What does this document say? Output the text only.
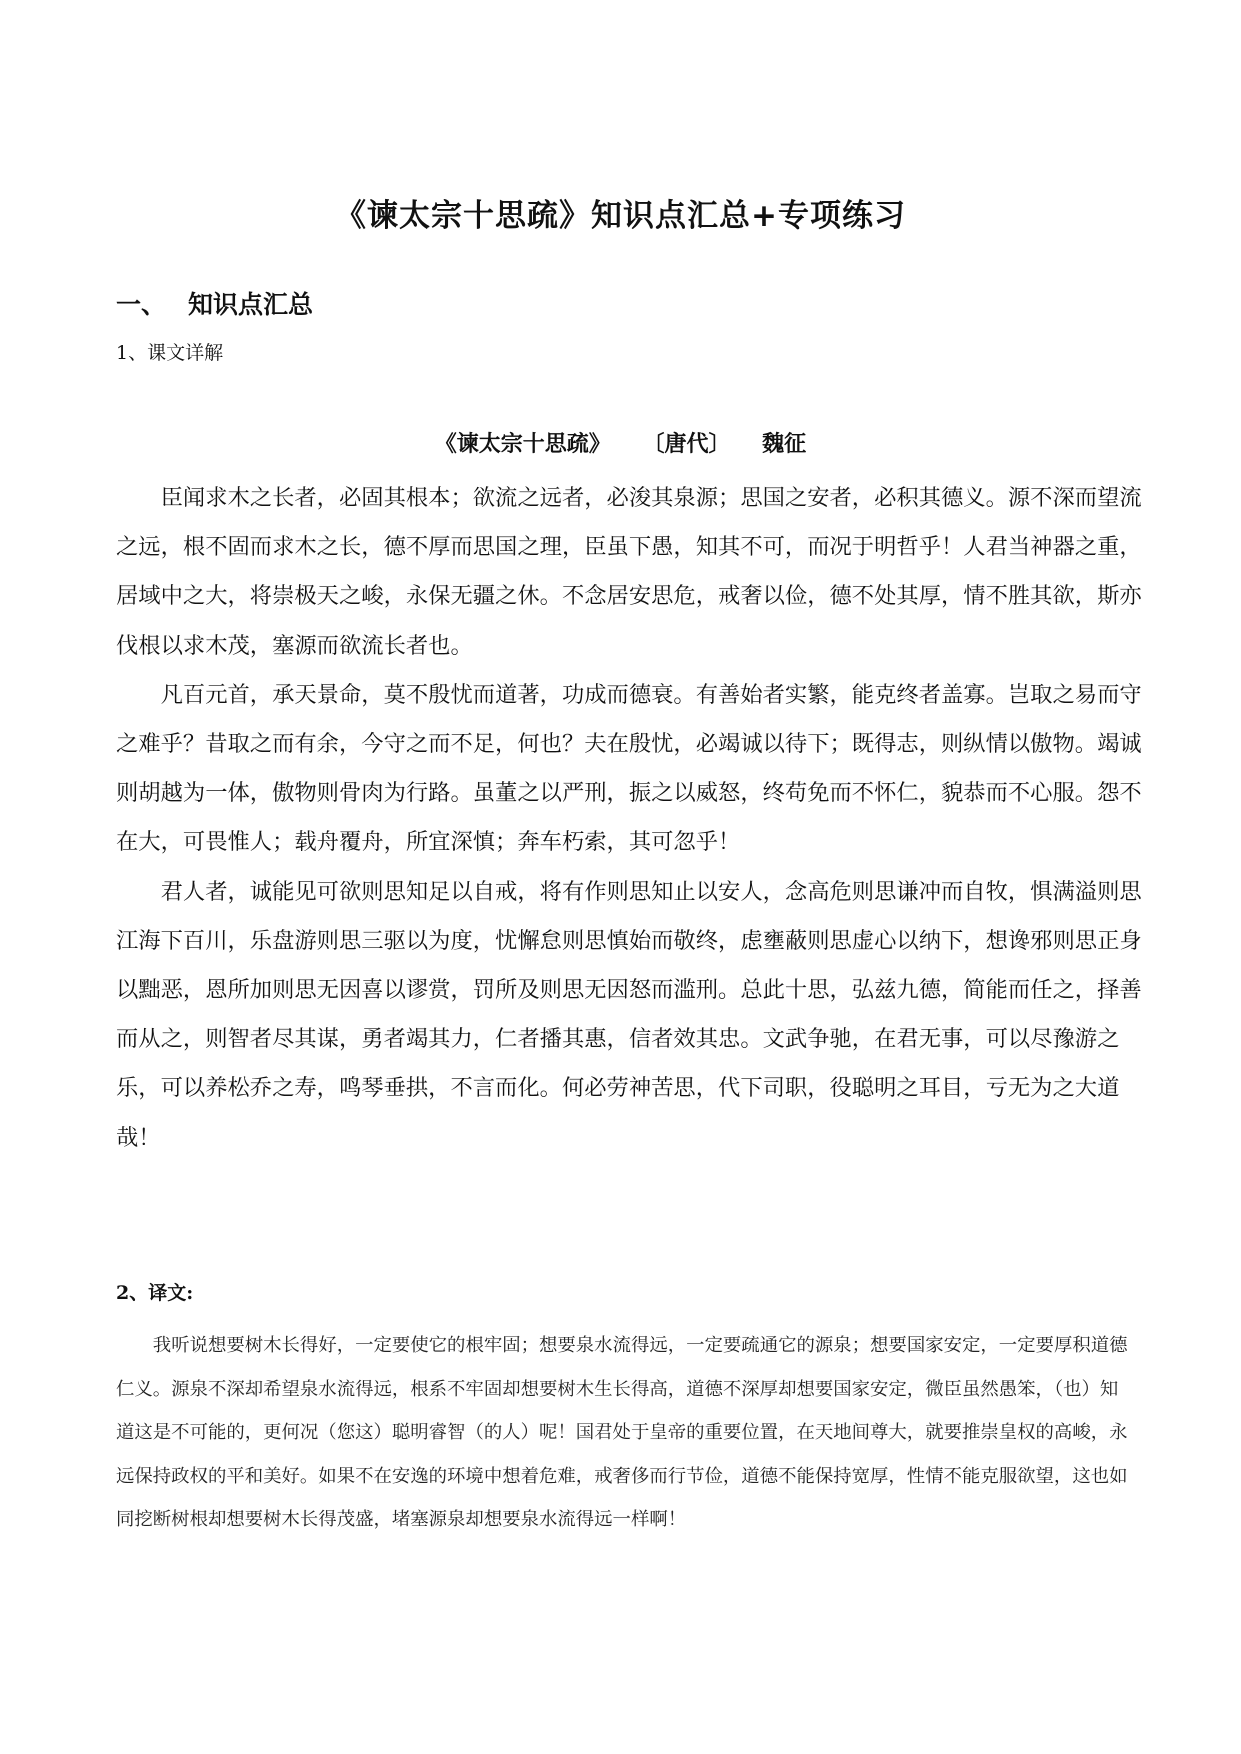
《谏太宗十思疏》知识点汇总+专项练习
一、 知识点汇总
1、课文详解
《谏太宗十思疏》 〔唐代〕 魏征

臣闻求木之长者，必固其根本；欲流之远者，必浚其泉源；思国之安者，必积其德义。源不深而望流之远，根不固而求木之长，德不厚而思国之理，臣虽下愚，知其不可，而况于明哲乎！人君当神器之重，居域中之大，将崇极天之峻，永保无疆之休。不念居安思危，戒奢以俭，德不处其厚，情不胜其欲，斯亦伐根以求木茂，塞源而欲流长者也。

凡百元首，承天景命，莫不殷忧而道著，功成而德衰。有善始者实繁，能克终者盖寡。岂取之易而守之难乎？昔取之而有余，今守之而不足，何也？夫在殷忧，必竭诚以待下；既得志，则纵情以傲物。竭诚则胡越为一体，傲物则骨肉为行路。虽董之以严刑，振之以威怒，终苟免而不怀仁，貌恭而不心服。怨不在大，可畏惟人；载舟覆舟，所宜深慎；奔车朽索，其可忽乎！

君人者，诚能见可欲则思知足以自戒，将有作则思知止以安人，念高危则思谦冲而自牧，惧满溢则思江海下百川，乐盘游则思三驱以为度，忧懈怠则思慎始而敬终，虑壅蔽则思虚心以纳下，想谗邪则思正身以黜恶，恩所加则思无因喜以谬赏，罚所及则思无因怒而滥刑。总此十思，弘兹九德，简能而任之，择善而从之，则智者尽其谋，勇者竭其力，仁者播其惠，信者效其忠。文武争驰，在君无事，可以尽豫游之乐，可以养松乔之寿，鸣琴垂拱，不言而化。何必劳神苦思，代下司职，役聪明之耳目，亏无为之大道哉！

2、译文:

我听说想要树木长得好，一定要使它的根牢固；想要泉水流得远，一定要疏通它的源泉；想要国家安定，一定要厚积道德仁义。源泉不深却希望泉水流得远，根系不牢固却想要树木生长得高，道德不深厚却想要国家安定，微臣虽然愚笨，（也）知道这是不可能的，更何况（您这）聪明睿智（的人）呢！国君处于皇帝的重要位置，在天地间尊大，就要推崇皇权的高峻，永远保持政权的平和美好。如果不在安逸的环境中想着危难，戒奢侈而行节俭，道德不能保持宽厚，性情不能克服欲望，这也如同挖断树根却想要树木长得茂盛，堵塞源泉却想要泉水流得远一样啊！
